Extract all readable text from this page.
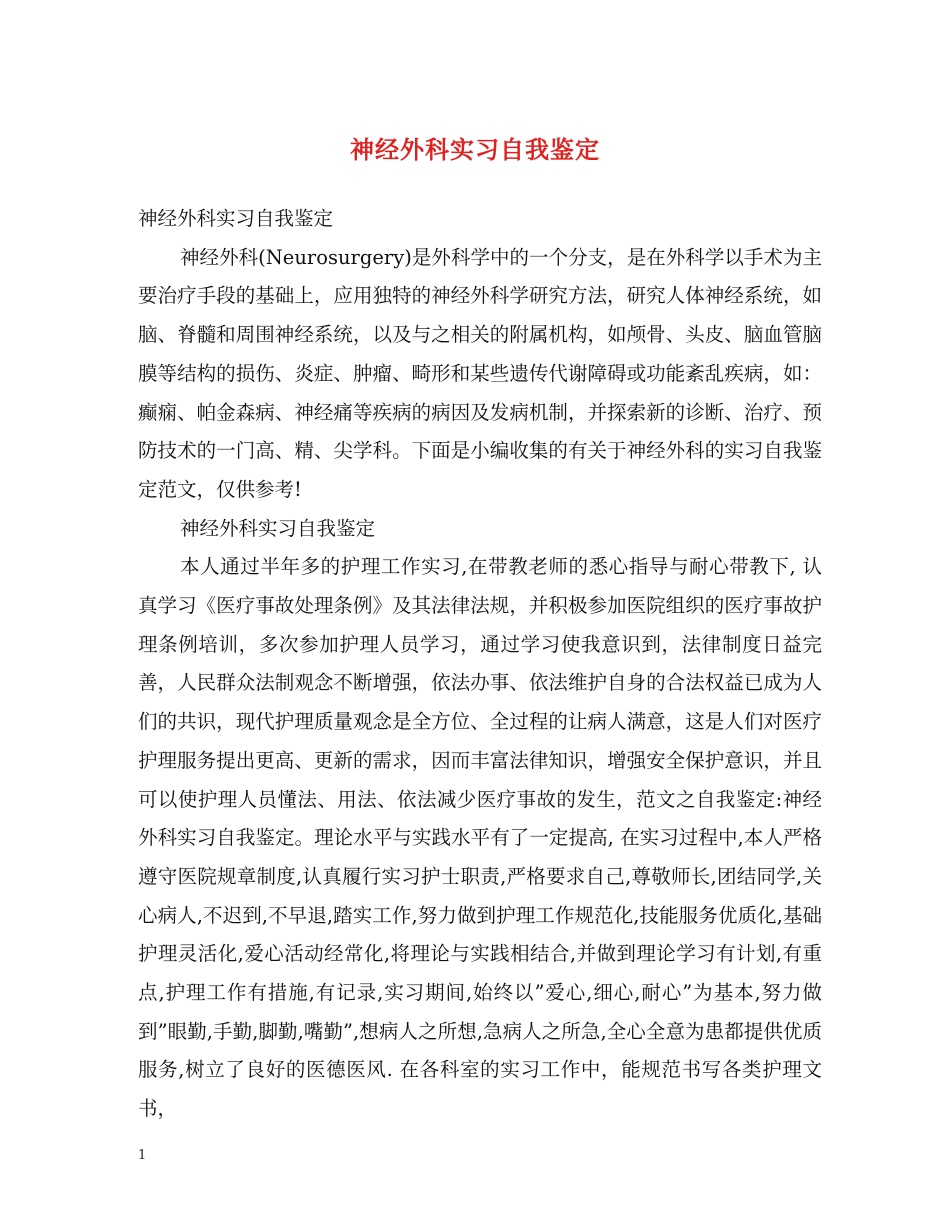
神经外科实习自我鉴定

神经外科实习自我鉴定

神经外科(Neurosurgery)是外科学中的一个分支，是在外科学以手术为主要治疗手段的基础上，应用独特的神经外科学研究方法，研究人体神经系统，如脑、脊髓和周围神经系统，以及与之相关的附属机构，如颅骨、头皮、脑血管脑膜等结构的损伤、炎症、肿瘤、畸形和某些遗传代谢障碍或功能紊乱疾病，如：癫痫、帕金森病、神经痛等疾病的病因及发病机制，并探索新的诊断、治疗、预防技术的一门高、精、尖学科。下面是小编收集的有关于神经外科的实习自我鉴定范文，仅供参考!

神经外科实习自我鉴定

本人通过半年多的护理工作实习,在带教老师的悉心指导与耐心带教下, 认真学习《医疗事故处理条例》及其法律法规，并积极参加医院组织的医疗事故护理条例培训，多次参加护理人员学习，通过学习使我意识到，法律制度日益完善，人民群众法制观念不断增强，依法办事、依法维护自身的合法权益已成为人们的共识，现代护理质量观念是全方位、全过程的让病人满意，这是人们对医疗护理服务提出更高、更新的需求，因而丰富法律知识，增强安全保护意识，并且可以使护理人员懂法、用法、依法减少医疗事故的发生，范文之自我鉴定:神经外科实习自我鉴定。理论水平与实践水平有了一定提高, 在实习过程中,本人严格遵守医院规章制度,认真履行实习护士职责,严格要求自己,尊敬师长,团结同学,关心病人,不迟到,不早退,踏实工作,努力做到护理工作规范化,技能服务优质化,基础护理灵活化,爱心活动经常化,将理论与实践相结合,并做到理论学习有计划,有重点,护理工作有措施,有记录,实习期间,始终以”爱心,细心,耐心”为基本,努力做到”眼勤,手勤,脚勤,嘴勤”,想病人之所想,急病人之所急,全心全意为患都提供优质服务,树立了良好的医德医风. 在各科室的实习工作中，能规范书写各类护理文书，

1
